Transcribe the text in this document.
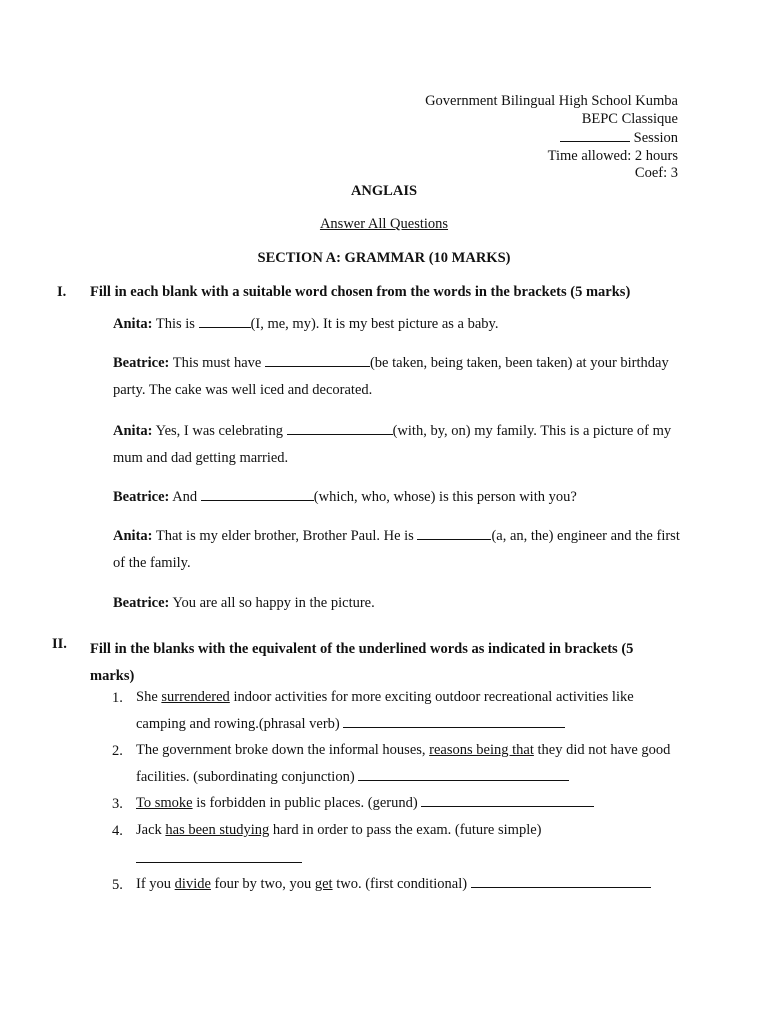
Government Bilingual High School Kumba
BEPC Classique
Session
Time allowed: 2 hours
Coef: 3
ANGLAIS
Answer All Questions
SECTION A: GRAMMAR (10 MARKS)
I. Fill in each blank with a suitable word chosen from the words in the brackets (5 marks)
Anita: This is	(I, me, my). It is my best picture as a baby.
Beatrice: This must have	(be taken, being taken, been taken) at your birthday party. The cake was well iced and decorated.
Anita: Yes, I was celebrating	(with, by, on) my family. This is a picture of my mum and dad getting married.
Beatrice: And	(which, who, whose) is this person with you?
Anita: That is my elder brother, Brother Paul. He is	(a, an, the) engineer and the first of the family.
Beatrice: You are all so happy in the picture.
II. Fill in the blanks with the equivalent of the underlined words as indicated in brackets (5 marks)
1. She surrendered indoor activities for more exciting outdoor recreational activities like camping and rowing.(phrasal verb)
2. The government broke down the informal houses, reasons being that they did not have good facilities. (subordinating conjunction)
3. To smoke is forbidden in public places. (gerund)
4. Jack has been studying hard in order to pass the exam. (future simple)
5. If you divide four by two, you get two. (first conditional)
